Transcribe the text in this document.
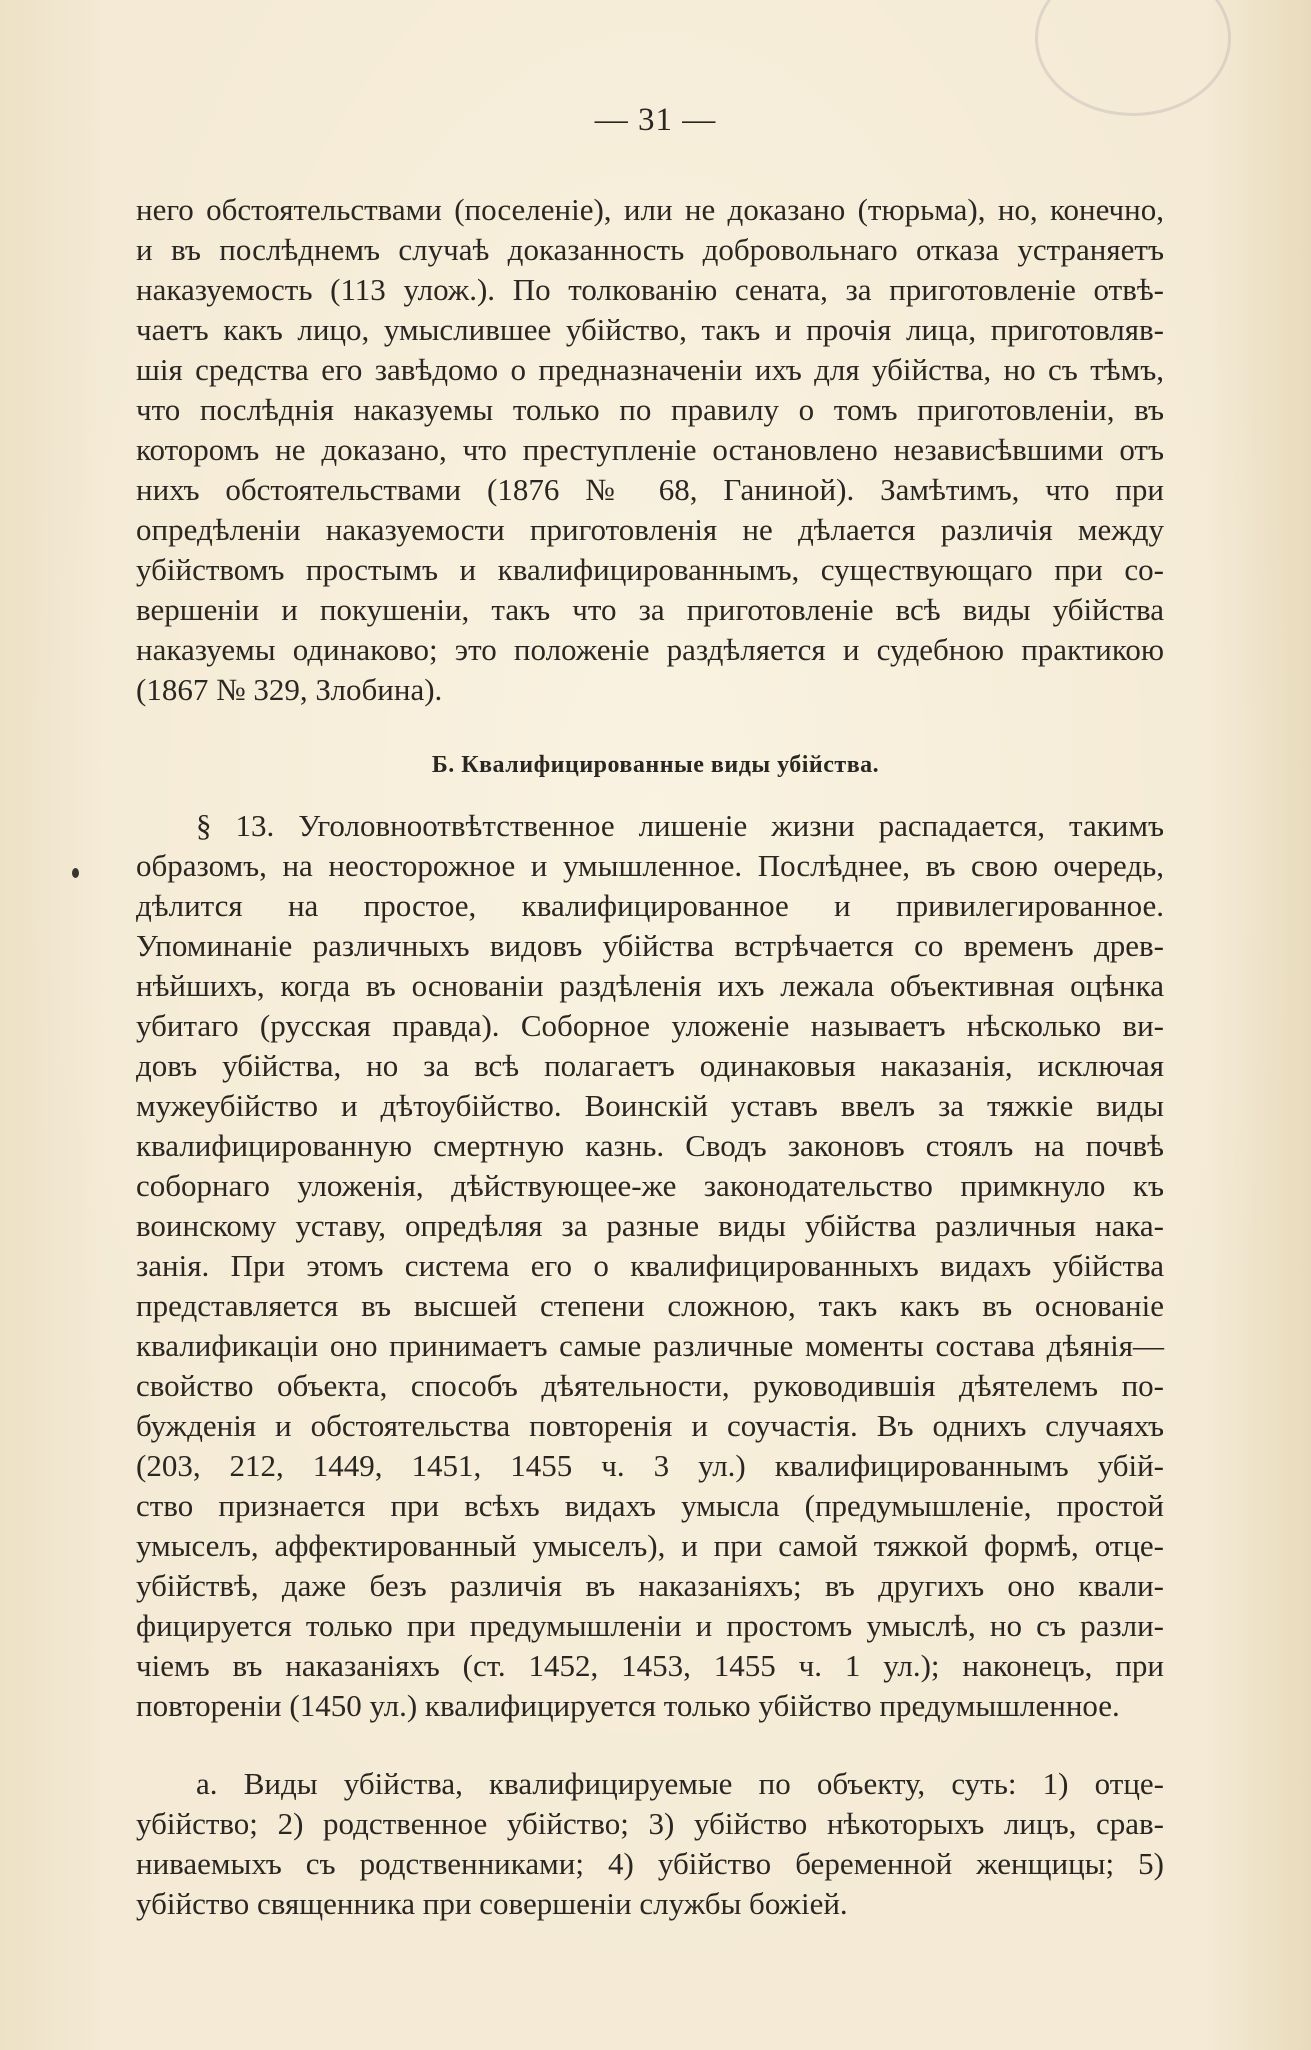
— 31 —
него обстоятельствами (поселеніе), или не доказано (тюрьма), но, конечно,
и въ послѣднемъ случаѣ доказанность добровольнаго отказа устраняетъ
наказуемость (113 улож.). По толкованію сената, за приготовленіе отвѣ-
чаетъ какъ лицо, умыслившее убійство, такъ и прочія лица, приготовляв-
шія средства его завѣдомо о предназначеніи ихъ для убійства, но съ тѣмъ,
что послѣднія наказуемы только по правилу о томъ приготовленіи, въ
которомъ не доказано, что преступленіе остановлено независѣвшими отъ
нихъ обстоятельствами (1876 № 68, Ганиной). Замѣтимъ, что при
опредѣленіи наказуемости приготовленія не дѣлается различія между
убійствомъ простымъ и квалифицированнымъ, существующаго при со-
вершеніи и покушеніи, такъ что за приготовленіе всѣ виды убійства
наказуемы одинаково; это положеніе раздѣляется и судебною практикою
(1867 № 329, Злобина).
Б. Квалифицированные виды убійства.
§ 13. Уголовноотвѣтственное лишеніе жизни распадается, такимъ
образомъ, на неосторожное и умышленное. Послѣднее, въ свою очередь,
дѣлится на простое, квалифицированное и привилегированное.
Упоминаніе различныхъ видовъ убійства встрѣчается со временъ древ-
нѣйшихъ, когда въ основаніи раздѣленія ихъ лежала объективная оцѣнка
убитаго (русская правда). Соборное уложеніе называетъ нѣсколько ви-
довъ убійства, но за всѣ полагаетъ одинаковыя наказанія, исключая
мужеубійство и дѣтоубійство. Воинскій уставъ ввелъ за тяжкіе виды
квалифицированную смертную казнь. Сводъ законовъ стоялъ на почвѣ
соборнаго уложенія, дѣйствующее-же законодательство примкнуло къ
воинскому уставу, опредѣляя за разные виды убійства различныя нака-
занія. При этомъ система его о квалифицированныхъ видахъ убійства
представляется въ высшей степени сложною, такъ какъ въ основаніе
квалификаціи оно принимаетъ самые различные моменты состава дѣянія—
свойство объекта, способъ дѣятельности, руководившія дѣятелемъ по-
бужденія и обстоятельства повторенія и соучастія. Въ однихъ случаяхъ
(203, 212, 1449, 1451, 1455 ч. 3 ул.) квалифицированнымъ убій-
ство признается при всѣхъ видахъ умысла (предумышленіе, простой
умыселъ, аффектированный умыселъ), и при самой тяжкой формѣ, отце-
убійствѣ, даже безъ различія въ наказаніяхъ; въ другихъ оно квали-
фицируется только при предумышленіи и простомъ умыслѣ, но съ разли-
чіемъ въ наказаніяхъ (ст. 1452, 1453, 1455 ч. 1 ул.); наконецъ, при
повтореніи (1450 ул.) квалифицируется только убійство предумышленное.
а. Виды убійства, квалифицируемые по объекту, суть: 1) отце-
убійство; 2) родственное убійство; 3) убійство нѣкоторыхъ лицъ, срав-
ниваемыхъ съ родственниками; 4) убійство беременной женщицы; 5)
убійство священника при совершеніи службы божіей.
